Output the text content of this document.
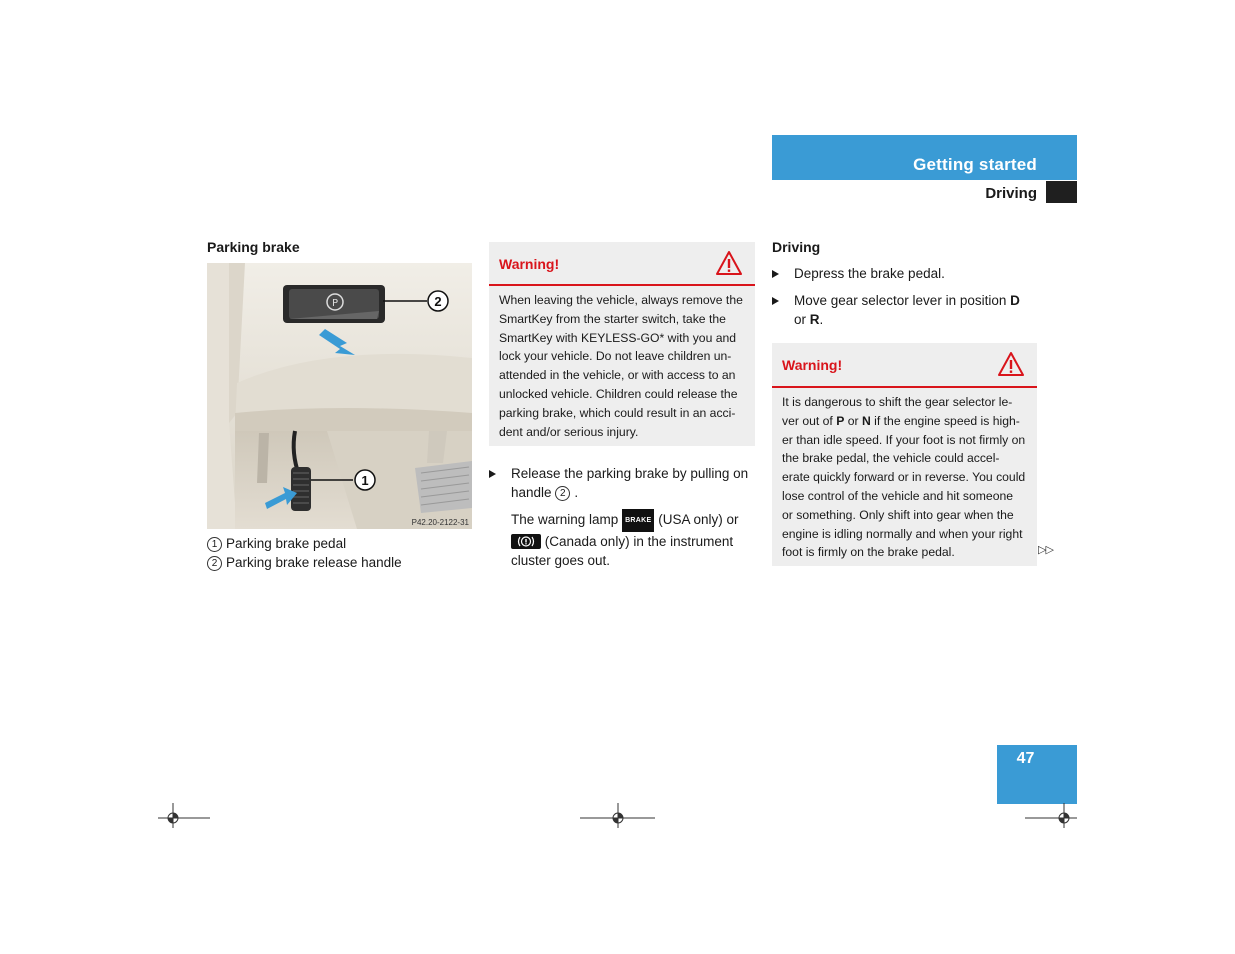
Getting started
Driving
Parking brake
P	2
1
P42.20-2122-31
1 Parking brake pedal
2 Parking brake release handle
Warning!
When leaving the vehicle, always remove the SmartKey from the starter switch, take the SmartKey with KEYLESS-GO* with you and lock your vehicle. Do not leave children un-attended in the vehicle, or with access to an unlocked vehicle. Children could release the parking brake, which could result in an acci-dent and/or serious injury.
Release the parking brake by pulling on handle 2 .
The warning lamp BRAKE (USA only) or
(Canada only) in the instrument cluster goes out.
Driving
Depress the brake pedal.
Move gear selector lever in position D
or R.
Warning!
It is dangerous to shift the gear selector le-ver out of P or N if the engine speed is high-er than idle speed. If your foot is not firmly on the brake pedal, the vehicle could accel-erate quickly forward or in reverse. You could lose control of the vehicle and hit someone or something. Only shift into gear when the engine is idling normally and when your right foot is firmly on the brake pedal.	▷▷
47
